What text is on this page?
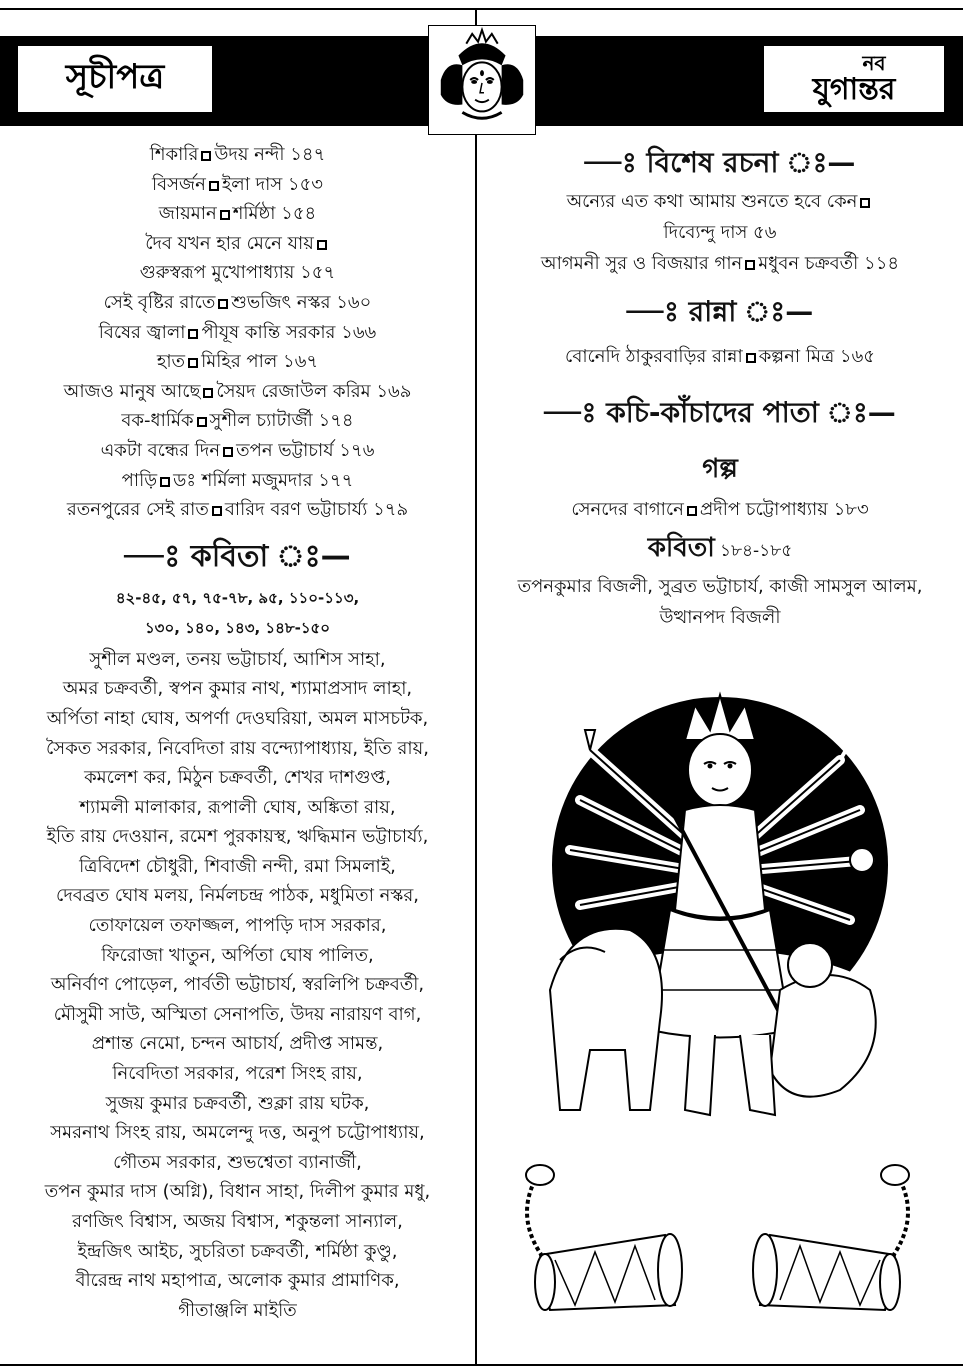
সূচীপত্র	নব
যুগান্তর
শিকারি উদয় নন্দী ১৪৭
বিসর্জন ইলা দাস ১৫৩
জায়মান শর্মিষ্ঠা ১৫৪
দৈব যখন হার মেনে যায়
গুরুস্বরূপ মুখোপাধ্যায় ১৫৭
সেই বৃষ্টির রাতে শুভজিৎ নস্কর ১৬০
বিষের জ্বালা পীযূষ কান্তি সরকার ১৬৬
হাত মিহির পাল ১৬৭
আজও মানুষ আছে সৈয়দ রেজাউল করিম ১৬৯
বক-ধার্মিক সুশীল চ্যাটার্জী ১৭৪
একটা বন্ধের দিন তপন ভট্টাচার্য ১৭৬
পাড়ি ডঃ শর্মিলা মজুমদার ১৭৭
রতনপুরের সেই রাত বারিদ বরণ ভট্টাচার্য্য ১৭৯
—ঃ কবিতা ঃ—
৪২-৪৫, ৫৭, ৭৫-৭৮, ৯৫, ১১০-১১৩,
১৩০, ১৪০, ১৪৩, ১৪৮-১৫০
সুশীল মণ্ডল, তনয় ভট্টাচার্য, আশিস সাহা,
অমর চক্রবর্তী, স্বপন কুমার নাথ, শ্যামাপ্রসাদ লাহা,
অর্পিতা নাহা ঘোষ, অপর্ণা দেওঘরিয়া, অমল মাসচটক,
সৈকত সরকার, নিবেদিতা রায় বন্দ্যোপাধ্যায়, ইতি রায়,
কমলেশ কর, মিঠুন চক্রবর্তী, শেখর দাশগুপ্ত,
শ্যামলী মালাকার, রূপালী ঘোষ, অঙ্কিতা রায়,
ইতি রায় দেওয়ান, রমেশ পুরকায়স্থ, ঋদ্ধিমান ভট্টাচার্য্য,
ত্রিবিদেশ চৌধুরী, শিবাজী নন্দী, রমা সিমলাই,
দেবব্রত ঘোষ মলয়, নির্মলচন্দ্র পাঠক, মধুমিতা নস্কর,
তোফায়েল তফাজ্জল, পাপড়ি দাস সরকার,
ফিরোজা খাতুন, অর্পিতা ঘোষ পালিত,
অনির্বাণ পোড়েল, পার্বতী ভট্টাচার্য, স্বরলিপি চক্রবর্তী,
মৌসুমী সাউ, অস্মিতা সেনাপতি, উদয় নারায়ণ বাগ,
প্রশান্ত নেমো, চন্দন আচার্য, প্রদীপ্ত সামন্ত,
নিবেদিতা সরকার, পরেশ সিংহ রায়,
সুজয় কুমার চক্রবর্তী, শুক্লা রায় ঘটক,
সমরনাথ সিংহ রায়, অমলেন্দু দত্ত, অনুপ চট্টোপাধ্যায়,
গৌতম সরকার, শুভশ্বেতা ব্যানার্জী,
তপন কুমার দাস (অগ্নি), বিধান সাহা, দিলীপ কুমার মধু,
রণজিৎ বিশ্বাস, অজয় বিশ্বাস, শকুন্তলা সান্যাল,
ইন্দ্রজিৎ আইচ, সুচরিতা চক্রবর্তী, শর্মিষ্ঠা কুণ্ডু,
বীরেন্দ্র নাথ মহাপাত্র, অলোক কুমার প্রামাণিক,
গীতাঞ্জলি মাইতি
—ঃ বিশেষ রচনা ঃ—
অন্যের এত কথা আমায় শুনতে হবে কেন
দিব্যেন্দু দাস ৫৬
আগমনী সুর ও বিজয়ার গান মধুবন চক্রবর্তী ১১৪
—ঃ রান্না ঃ—
বোনেদি ঠাকুরবাড়ির রান্না কল্পনা মিত্র ১৬৫
—ঃ কচি-কাঁচাদের পাতা ঃ—
গল্প
সেনদের বাগানে প্রদীপ চট্টোপাধ্যায় ১৮৩
কবিতা ১৮৪-১৮৫
তপনকুমার বিজলী, সুব্রত ভট্টাচার্য, কাজী সামসুল আলম,
উত্থানপদ বিজলী
